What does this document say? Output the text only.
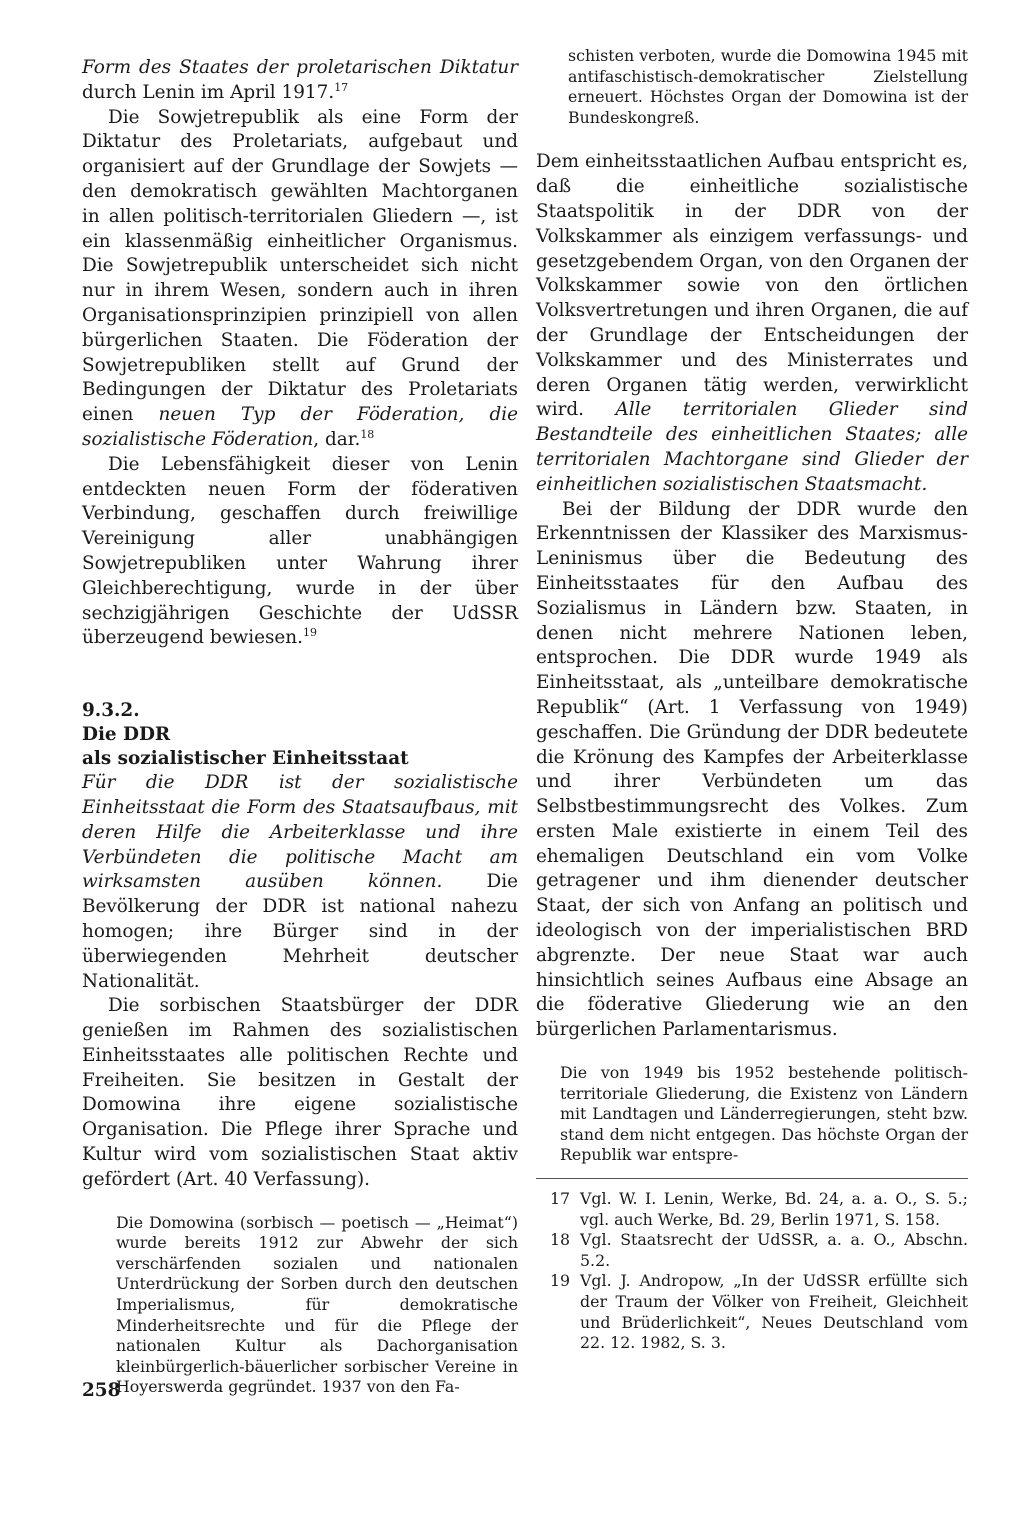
Form des Staates der proletarischen Diktatur durch Lenin im April 1917.17

Die Sowjetrepublik als eine Form der Diktatur des Proletariats, aufgebaut und organisiert auf der Grundlage der Sowjets — den demokratisch gewählten Machtorganen in allen politisch-territorialen Gliedern —, ist ein klassenmäßig einheitlicher Organismus. Die Sowjetrepublik unterscheidet sich nicht nur in ihrem Wesen, sondern auch in ihren Organisationsprinzipien prinzipiell von allen bürgerlichen Staaten. Die Föderation der Sowjetrepubliken stellt auf Grund der Bedingungen der Diktatur des Proletariats einen neuen Typ der Föderation, die sozialistische Föderation, dar.$^{18}$

Die Lebensfähigkeit dieser von Lenin entdeckten neuen Form der föderativen Verbindung, geschaffen durch freiwillige Vereinigung aller unabhängigen Sowjetrepubliken unter Wahrung ihrer Gleichberechtigung, wurde in der über sechzigjährigen Geschichte der UdSSR überzeugend bewiesen.$^{19}$

9.3.2.

Die DDR

als sozialistischer Einheitsstaat

Für die DDR ist der sozialistische Einheitsstaat die Form des Staatsaufbaus, mit deren Hilfe die Arbeiterklasse und ihre Verbündeten die politische Macht am wirksamsten ausüben können. Die Bevölkerung der DDR ist national nahezu homogen; ihre Bürger sind in der überwiegenden Mehrheit deutscher Nationalität.

Die sorbischen Staatsbürger der DDR genießen im Rahmen des sozialistischen Einheitsstaates alle politischen Rechte und Freiheiten. Sie besitzen in Gestalt der Domowina ihre eigene sozialistische Organisation. Die Pflege ihrer Sprache und Kultur wird vom sozialistischen Staat aktiv gefördert (Art. 40 Verfassung).

Die Domowina (sorbisch — poetisch — „Heimat“) wurde bereits 1912 zur Abwehr der sich verschärfenden sozialen und nationalen Unterdrückung der Sorben durch den deutschen Imperialismus, für demokratische Minderheitsrechte und für die Pflege der nationalen Kultur als Dachorganisation kleinbürgerlich-bäuerlicher sorbischer Vereine in Hoyerswerda gegründet. 1937 von den Fa-

schisten verboten, wurde die Domowina 1945 mit antifaschistisch-demokratischer Zielstellung erneuert. Höchstes Organ der Domowina ist der Bundeskongreß.

Dem einheitsstaatlichen Aufbau entspricht es, daß die einheitliche sozialistische Staatspolitik in der DDR von der Volkskammer als einzigem verfassungs- und gesetzgebendem Organ, von den Organen der Volkskammer sowie von den örtlichen Volksvertretungen und ihren Organen, die auf der Grundlage der Entscheidungen der Volkskammer und des Ministerrates und deren Organen tätig werden, verwirklicht wird. Alle territorialen Glieder sind Bestandteile des einheitlichen Staates; alle territorialen Machtorgane sind Glieder der einheitlichen sozialistischen Staatsmacht.

Bei der Bildung der DDR wurde den Erkenntnissen der Klassiker des Marxismus-Leninismus über die Bedeutung des Einheitsstaates für den Aufbau des Sozialismus in Ländern bzw. Staaten, in denen nicht mehrere Nationen leben, entsprochen. Die DDR wurde 1949 als Einheitsstaat, als „unteilbare demokratische Republik“ (Art. 1 Verfassung von 1949) geschaffen. Die Gründung der DDR bedeutete die Krönung des Kampfes der Arbeiterklasse und ihrer Verbündeten um das Selbstbestimmungsrecht des Volkes. Zum ersten Male existierte in einem Teil des ehemaligen Deutschland ein vom Volke getragener und ihm dienender deutscher Staat, der sich von Anfang an politisch und ideologisch von der imperialistischen BRD abgrenzte. Der neue Staat war auch hinsichtlich seines Aufbaus eine Absage an die föderative Gliederung wie an den bürgerlichen Parlamentarismus.

Die von 1949 bis 1952 bestehende politisch-territoriale Gliederung, die Existenz von Ländern mit Landtagen und Länderregierungen, steht bzw. stand dem nicht entgegen. Das höchste Organ der Republik war entspre-

17 Vgl. W. I. Lenin, Werke, Bd. 24, a. a. O., S. 5.; vgl. auch Werke, Bd. 29, Berlin 1971, S. 158.
18 Vgl. Staatsrecht der UdSSR, a. a. O., Abschn. 5.2.
19 Vgl. J. Andropow, „In der UdSSR erfüllte sich der Traum der Völker von Freiheit, Gleichheit und Brüderlichkeit“, Neues Deutschland vom 22. 12. 1982, S. 3.
258
